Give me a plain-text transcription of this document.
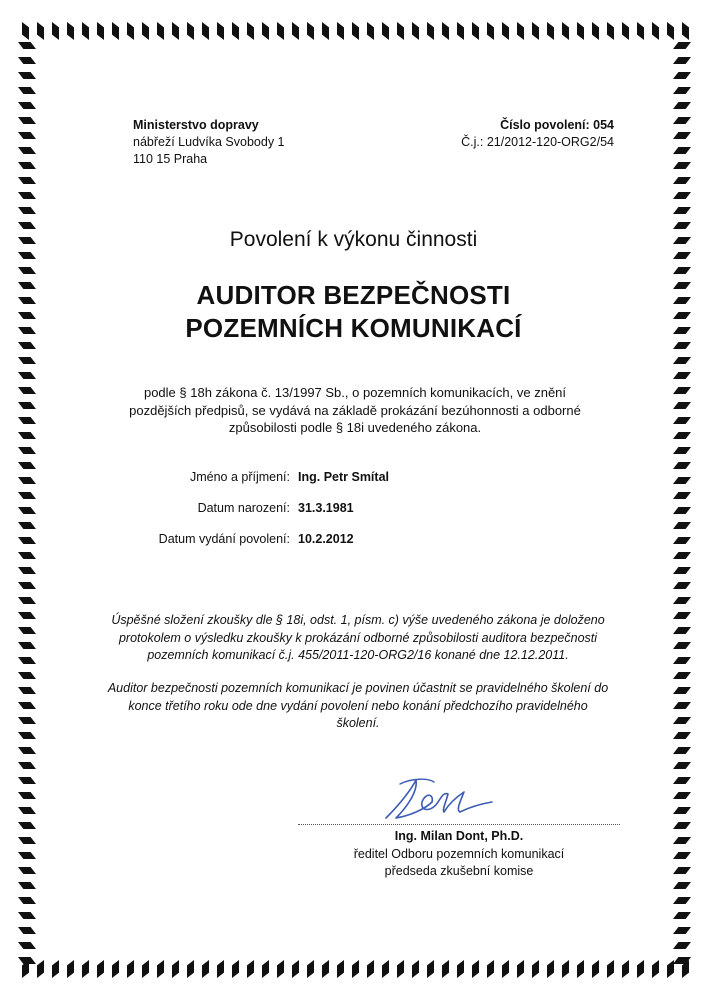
Ministerstvo dopravy
nábřeží Ludvíka Svobody 1
110 15 Praha
Číslo povolení: 054
Č.j.: 21/2012-120-ORG2/54
Povolení k výkonu činnosti
AUDITOR BEZPEČNOSTI
POZEMNÍCH KOMUNIKACÍ
podle § 18h zákona č. 13/1997 Sb., o pozemních komunikacích, ve znění
pozdějších předpisů, se vydává na základě prokázání bezúhonnosti a odborné
způsobilosti podle § 18i uvedeného zákona.
Jméno a příjmení: Ing. Petr Smítal
Datum narození: 31.3.1981
Datum vydání povolení: 10.2.2012
Úspěšné složení zkoušky dle § 18i, odst. 1, písm. c) výše uvedeného zákona je doloženo
protokolem o výsledku zkoušky k prokázání odborné způsobilosti auditora bezpečnosti
pozemních komunikací č.j. 455/2011-120-ORG2/16 konané dne 12.12.2011.
Auditor bezpečnosti pozemních komunikací je povinen účastnit se pravidelného školení do
konce třetího roku ode dne vydání povolení nebo konání předchozího pravidelného
školení.
Ing. Milan Dont, Ph.D.
ředitel Odboru pozemních komunikací
předseda zkušební komise
